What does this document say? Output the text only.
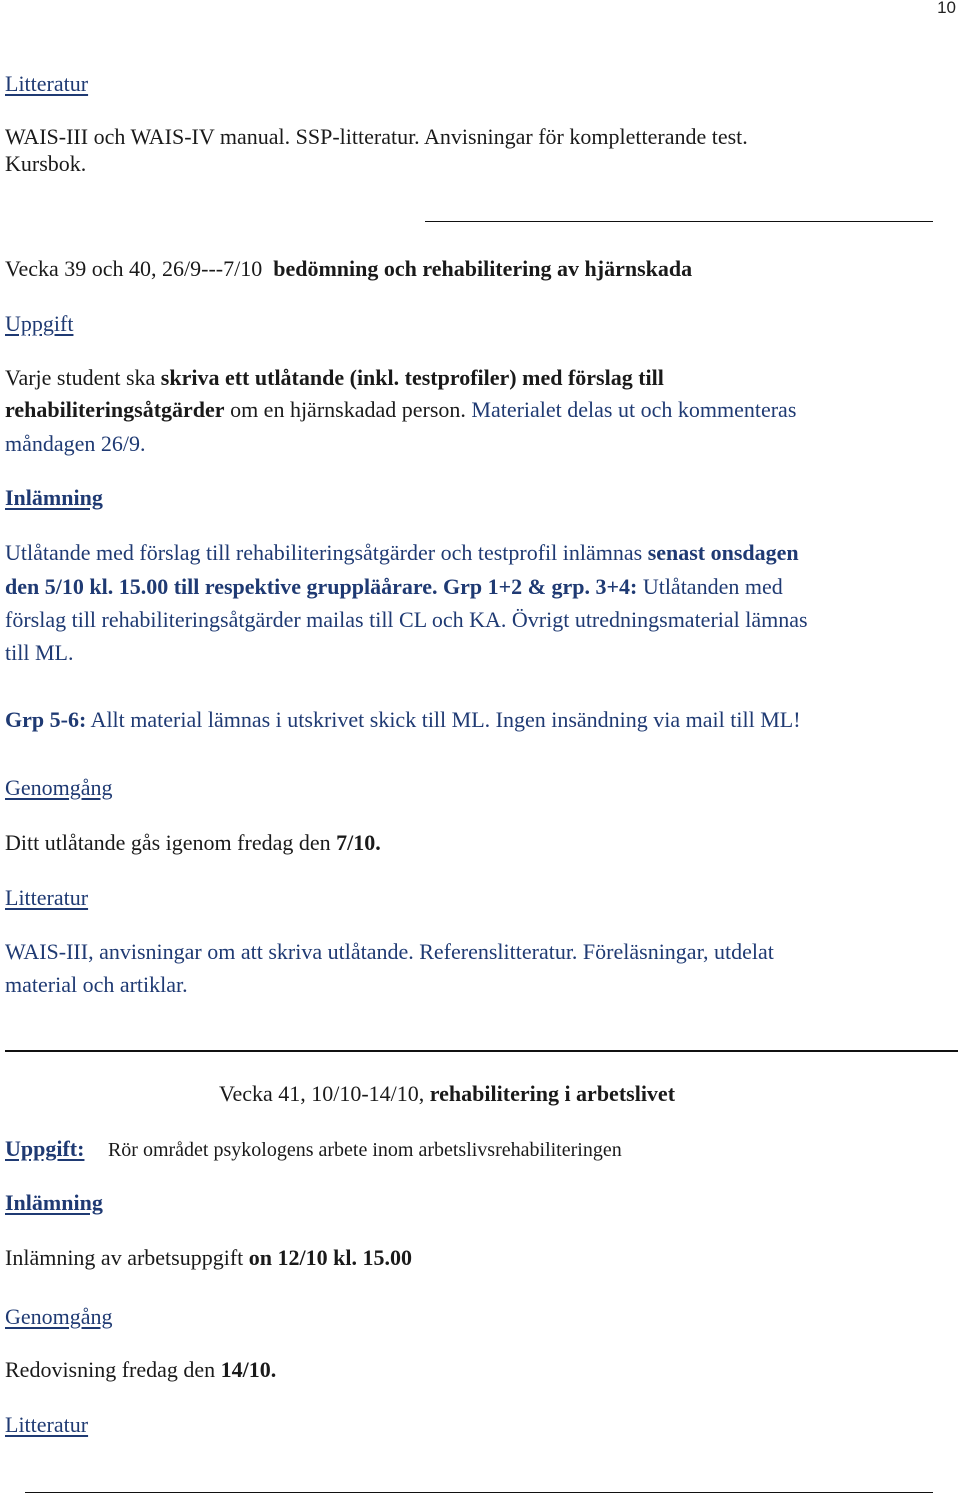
10
Litteratur
WAIS-III och WAIS-IV manual. SSP-litteratur. Anvisningar för kompletterande test.
Kursbok.
Vecka 39 och 40, 26/9---7/10 bedömning och rehabilitering av hjärnskada
Uppgift
Varje student ska skriva ett utlåtande (inkl. testprofiler) med förslag till
rehabiliteringsåtgärder om en hjärnskadad person. Materialet delas ut och kommenteras
måndagen 26/9.
Inlämning
Utlåtande med förslag till rehabiliteringsåtgärder och testprofil inlämnas senast onsdagen
den 5/10 kl. 15.00 till respektive gruppläårare. Grp 1+2 & grp. 3+4: Utlåtanden med
förslag till rehabiliteringsåtgärder mailas till CL och KA. Övrigt utredningsmaterial lämnas
till ML.
Grp 5-6: Allt material lämnas i utskrivet skick till ML. Ingen insändning via mail till ML!
Genomgång
Ditt utlåtande gås igenom fredag den 7/10.
Litteratur
WAIS-III, anvisningar om att skriva utlåtande. Referenslitteratur. Föreläsningar, utdelat
material och artiklar.
Vecka 41, 10/10-14/10, rehabilitering i arbetslivet
Uppgift: Rör området psykologens arbete inom arbetslivsrehabiliteringen
Inlämning
Inlämning av arbetsuppgift on 12/10 kl. 15.00
Genomgång
Redovisning fredag den 14/10.
Litteratur
